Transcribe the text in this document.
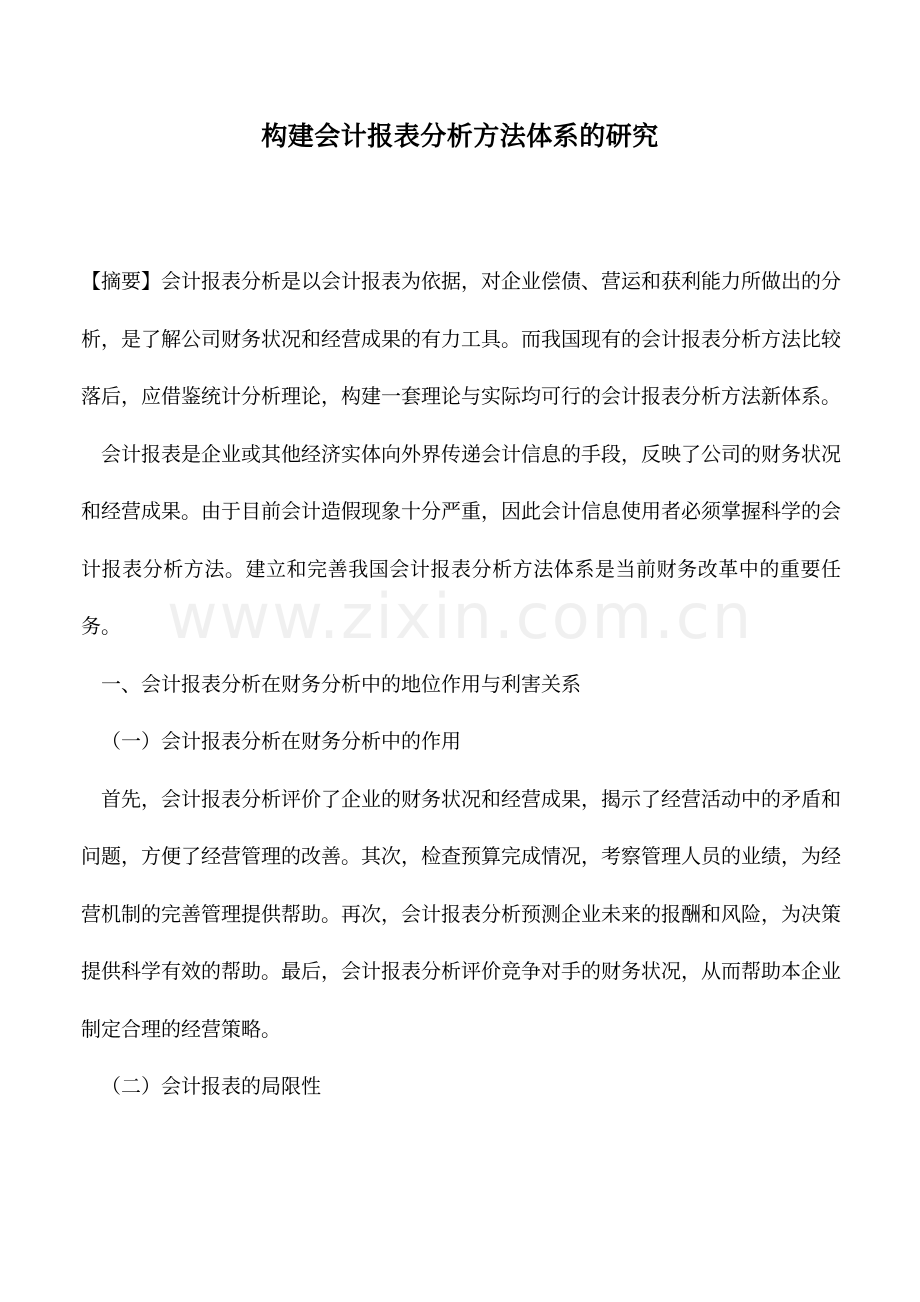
www.zixin.com.cn
构建会计报表分析方法体系的研究

【摘要】会计报表分析是以会计报表为依据，对企业偿债、营运和获利能力所做出的分析，是了解公司财务状况和经营成果的有力工具。而我国现有的会计报表分析方法比较落后，应借鉴统计分析理论，构建一套理论与实际均可行的会计报表分析方法新体系。

会计报表是企业或其他经济实体向外界传递会计信息的手段，反映了公司的财务状况和经营成果。由于目前会计造假现象十分严重，因此会计信息使用者必须掌握科学的会计报表分析方法。建立和完善我国会计报表分析方法体系是当前财务改革中的重要任务。

一、会计报表分析在财务分析中的地位作用与利害关系

（一）会计报表分析在财务分析中的作用

首先，会计报表分析评价了企业的财务状况和经营成果，揭示了经营活动中的矛盾和问题，方便了经营管理的改善。其次，检查预算完成情况，考察管理人员的业绩，为经营机制的完善管理提供帮助。再次，会计报表分析预测企业未来的报酬和风险，为决策提供科学有效的帮助。最后，会计报表分析评价竞争对手的财务状况，从而帮助本企业制定合理的经营策略。

（二）会计报表的局限性
